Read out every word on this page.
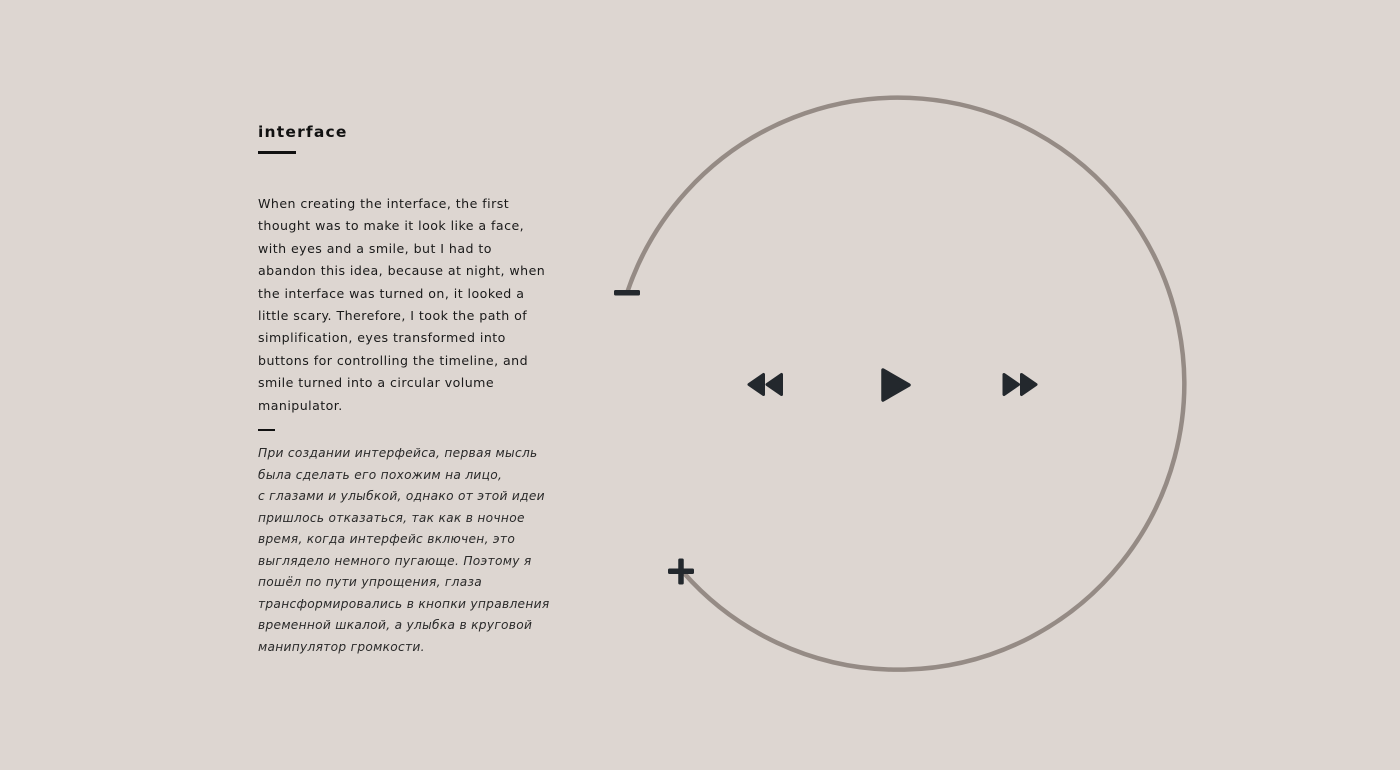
interface
When creating the interface, the first
thought was to make it look like a face,
with eyes and a smile, but I had to
abandon this idea, because at night, when
the interface was turned on, it looked a
little scary. Therefore, I took the path of
simplification, eyes transformed into
buttons for controlling the timeline, and
smile turned into a circular volume
manipulator.
При создании интерфейса, первая мысль
была сделать его похожим на лицо,
с глазами и улыбкой, однако от этой идеи
пришлось отказаться, так как в ночное
время, когда интерфейс включен, это
выглядело немного пугающе. Поэтому я
пошёл по пути упрощения, глаза
трансформировались в кнопки управления
временной шкалой, а улыбка в круговой
манипулятор громкости.
